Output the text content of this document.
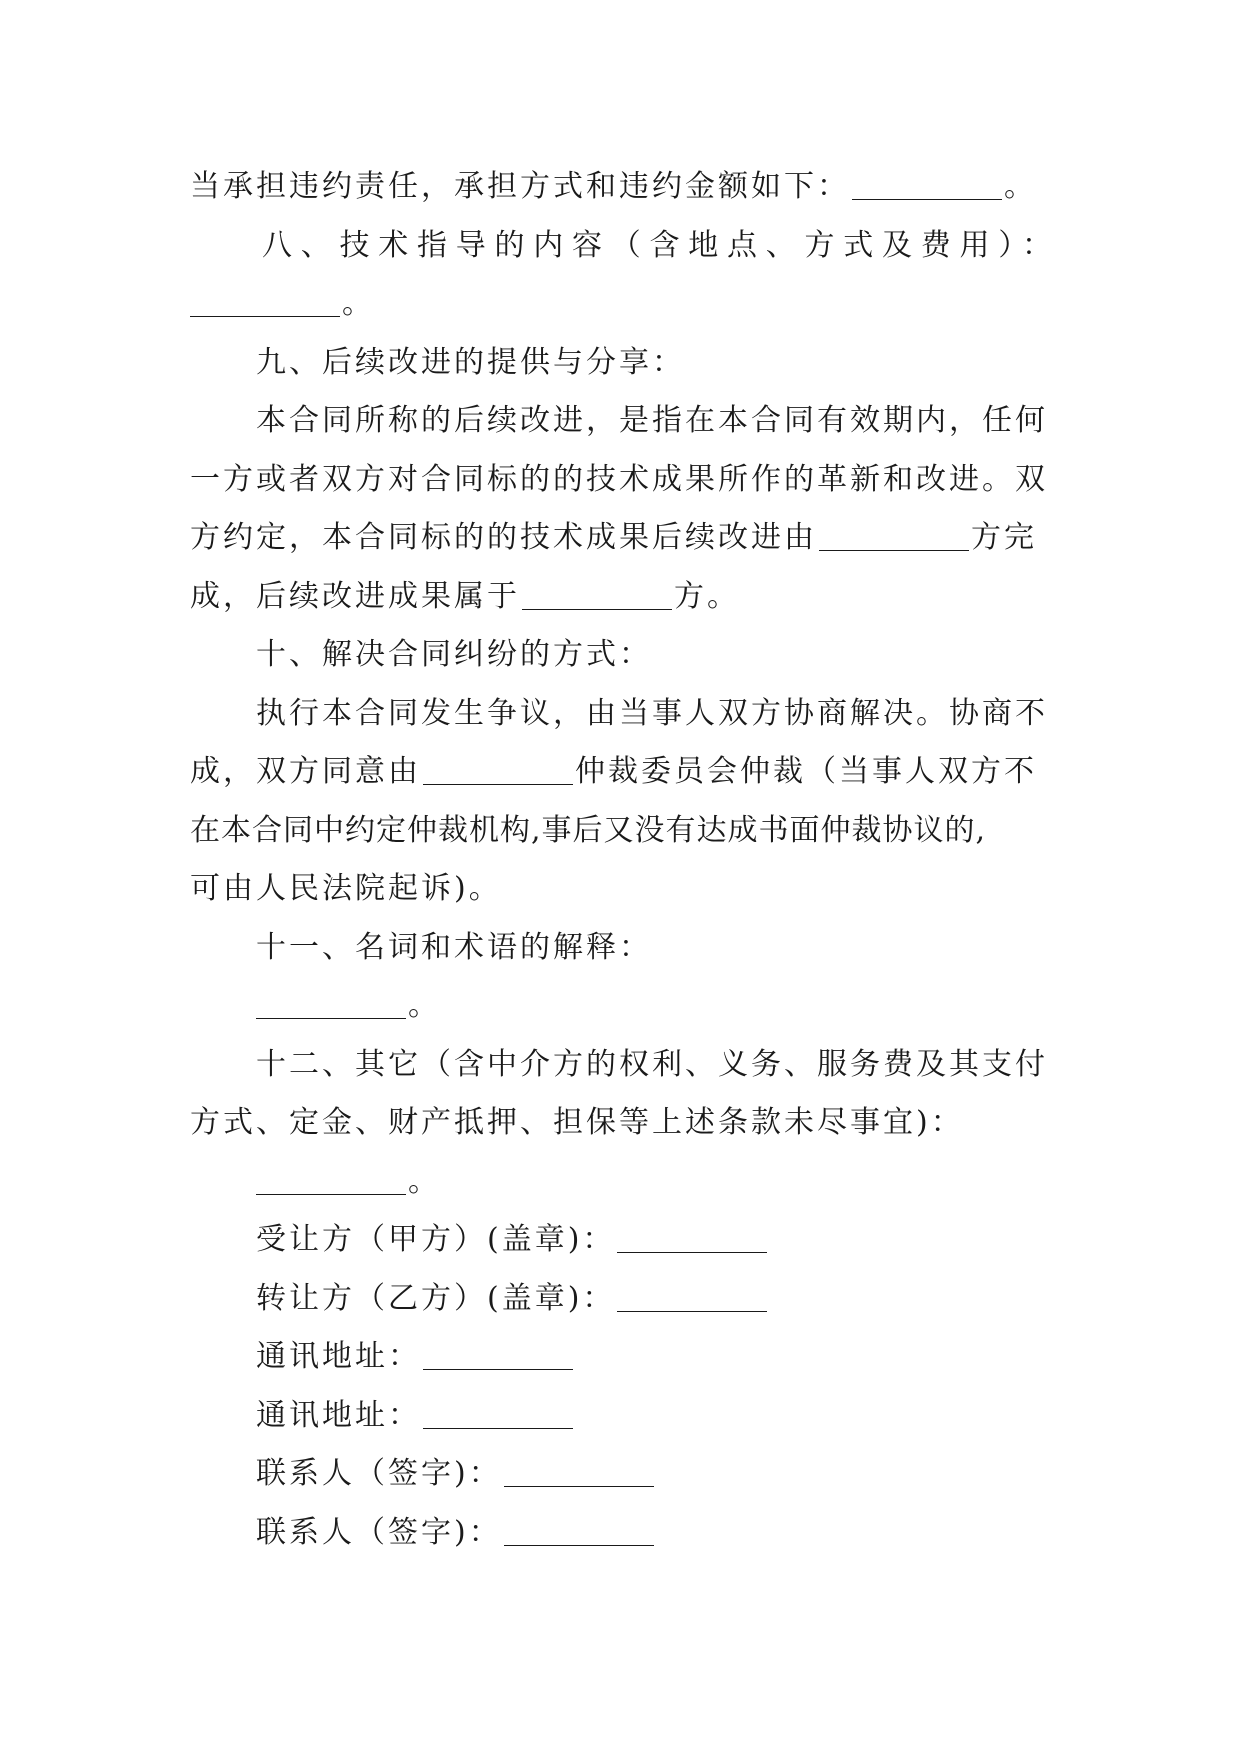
当承担违约责任，承担方式和违约金额如下：	。
八、技术指导的内容（含地点、方式及费用）：
。
九、后续改进的提供与分享：
本合同所称的后续改进，是指在本合同有效期内，任何
一方或者双方对合同标的的技术成果所作的革新和改进。双
方约定，本合同标的的技术成果后续改进由	方完
成，后续改进成果属于	方。
十、解决合同纠纷的方式：
执行本合同发生争议，由当事人双方协商解决。协商不
成，双方同意由	仲裁委员会仲裁（当事人双方不
在本合同中约定仲裁机构,事后又没有达成书面仲裁协议的,
可由人民法院起诉)。
十一、名词和术语的解释：
。
十二、其它（含中介方的权利、义务、服务费及其支付
方式、定金、财产抵押、担保等上述条款未尽事宜)：
。
受让方（甲方）(盖章)：
转让方（乙方）(盖章)：
通讯地址：
通讯地址：
联系人（签字)：
联系人（签字)：
